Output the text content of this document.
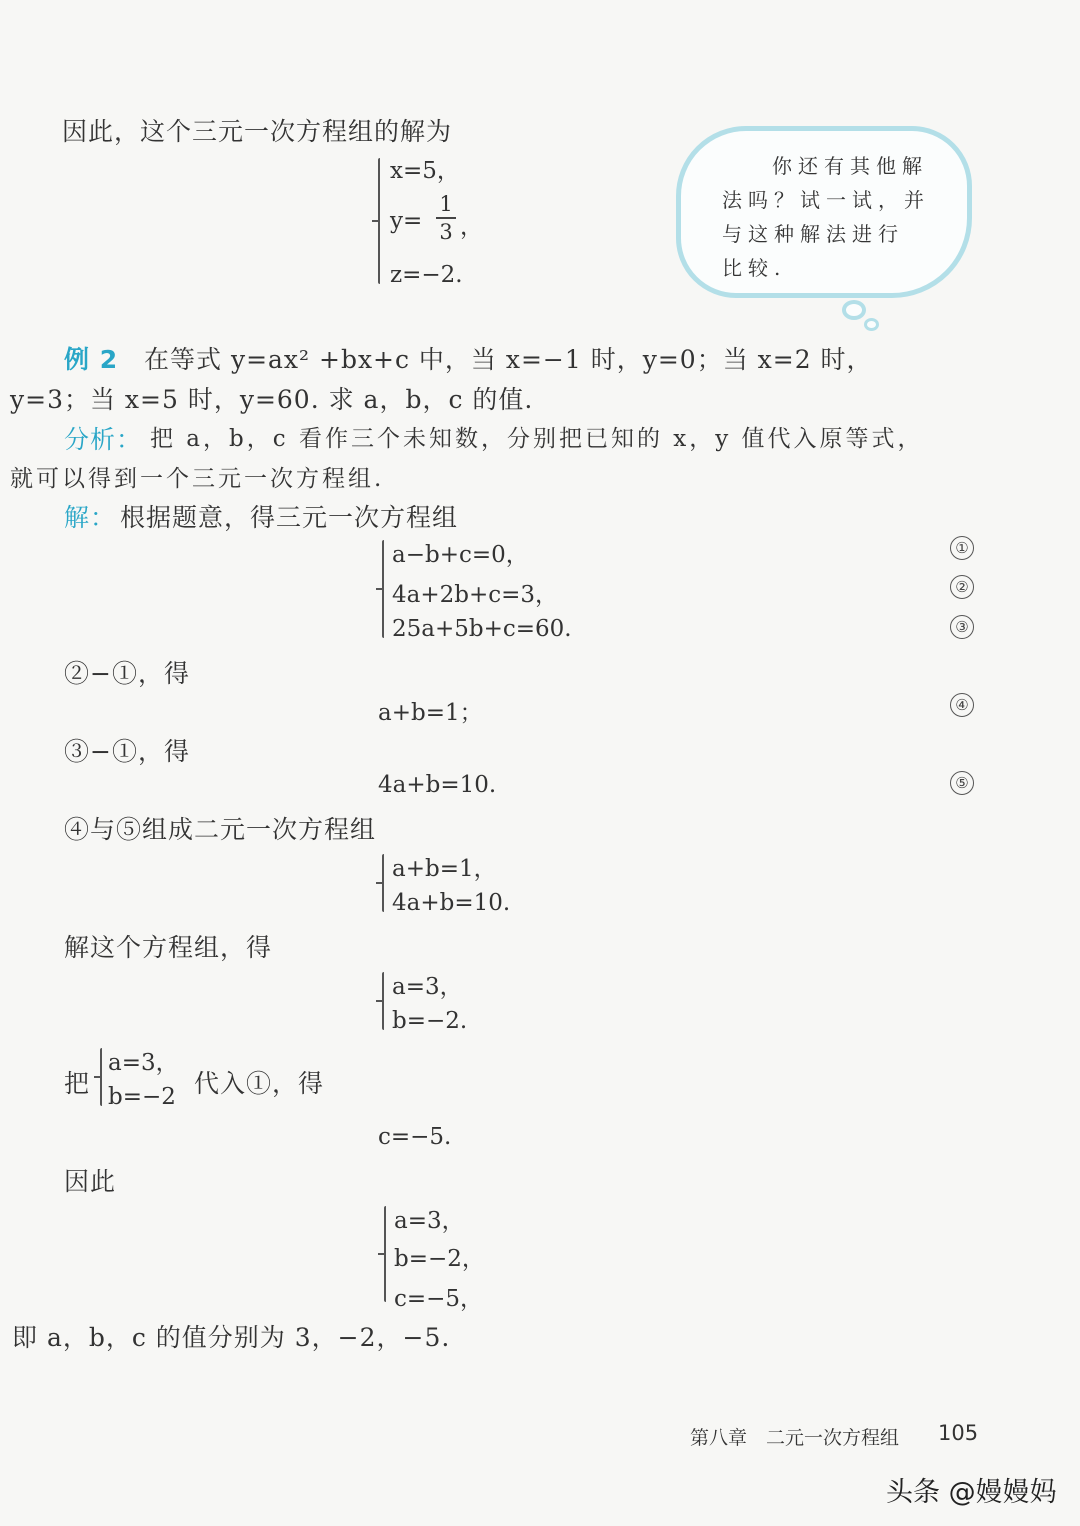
因此，这个三元一次方程组的解为
x=5，
y=
1
3 ，
z=−2.
你还有其他解
法吗？试一试，并
与这种解法进行
比较.
例 2 在等式 y=ax² +bx+c 中，当 x=−1 时，y=0；当 x=2 时，
y=3；当 x=5 时，y=60. 求 a，b，c 的值.
分析： 把 a，b，c 看作三个未知数，分别把已知的 x，y 值代入原等式，
就可以得到一个三元一次方程组.
解： 根据题意，得三元一次方程组
a−b+c=0，
4a+2b+c=3，
25a+5b+c=60.
①
②
③
②−①，得
a+b=1；	④
③−①，得
4a+b=10.	⑤
④与⑤组成二元一次方程组
a+b=1，
4a+b=10.
解这个方程组，得
a=3，
b=−2.
把
a=3，
b=−2 代入①，得
c=−5.
因此
a=3，
b=−2，
c=−5，
即 a，b，c 的值分别为 3，−2，−5.
第八章　二元一次方程组 105
头条 @嫚嫚妈
